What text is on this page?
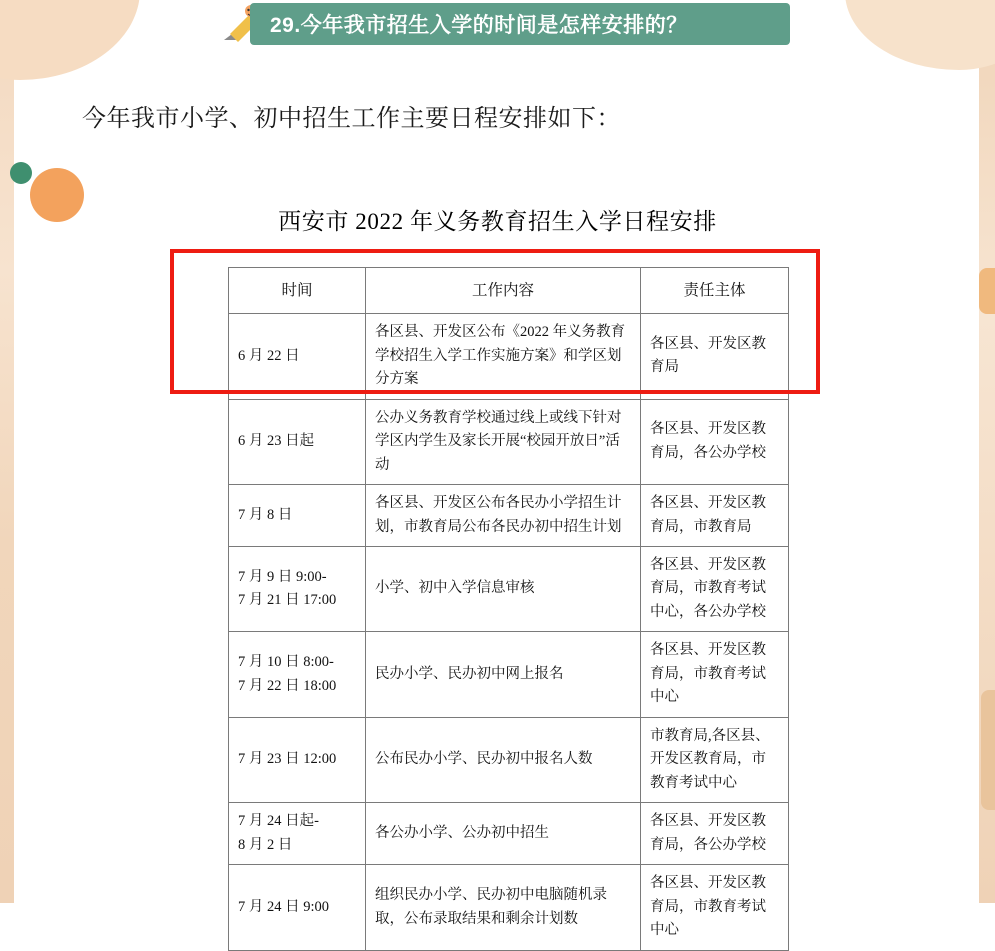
29.今年我市招生入学的时间是怎样安排的？
今年我市小学、初中招生工作主要日程安排如下：
西安市 2022 年义务教育招生入学日程安排
时间	工作内容	责任主体
6 月 22 日	各区县、开发区公布《2022 年义务教育学校招生入学工作实施方案》和学区划分方案	各区县、开发区教育局
6 月 23 日起	公办义务教育学校通过线上或线下针对学区内学生及家长开展“校园开放日”活动	各区县、开发区教育局，各公办学校
7 月 8 日	各区县、开发区公布各民办小学招生计划，市教育局公布各民办初中招生计划	各区县、开发区教育局，市教育局
7 月 9 日 9:00-
7 月 21 日 17:00	小学、初中入学信息审核	各区县、开发区教育局，市教育考试中心，各公办学校
7 月 10 日 8:00-
7 月 22 日 18:00	民办小学、民办初中网上报名	各区县、开发区教育局，市教育考试中心
7 月 23 日 12:00	公布民办小学、民办初中报名人数	市教育局,各区县、开发区教育局，市教育考试中心
7 月 24 日起-
8 月 2 日	各公办小学、公办初中招生	各区县、开发区教育局，各公办学校
7 月 24 日 9:00	组织民办小学、民办初中电脑随机录取，公布录取结果和剩余计划数	各区县、开发区教育局，市教育考试中心
